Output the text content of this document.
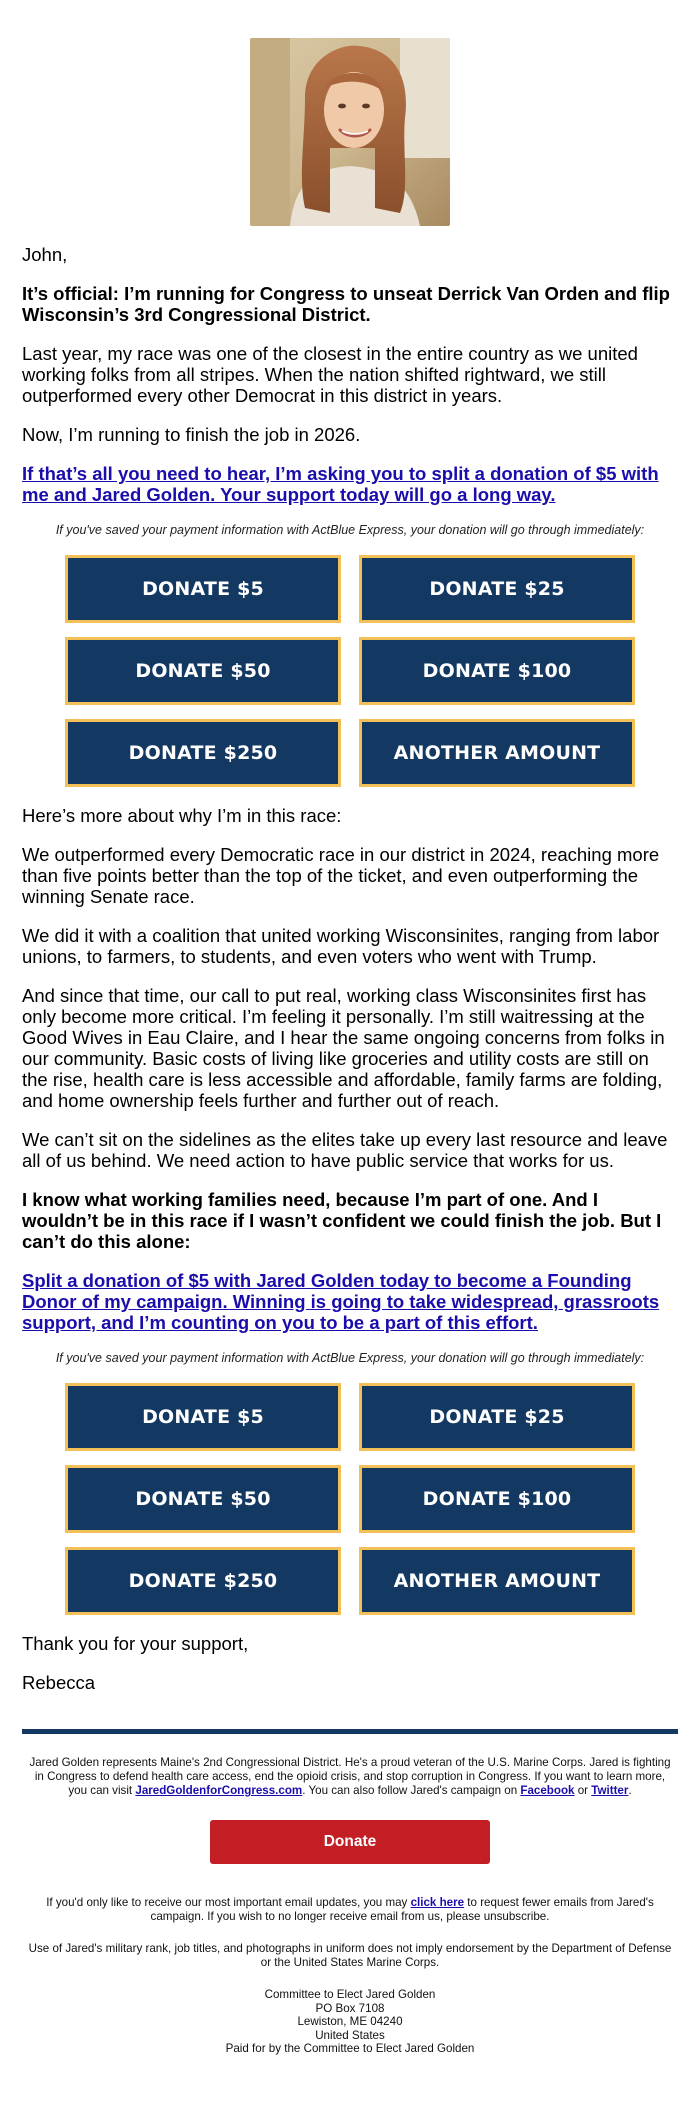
John,

It’s official: I’m running for Congress to unseat Derrick Van Orden and flip Wisconsin’s 3rd Congressional District.

Last year, my race was one of the closest in the entire country as we united working folks from all stripes. When the nation shifted rightward, we still outperformed every other Democrat in this district in years.

Now, I’m running to finish the job in 2026.

If that’s all you need to hear, I’m asking you to split a donation of $5 with me and Jared Golden. Your support today will go a long way.

If you've saved your payment information with ActBlue Express, your donation will go through immediately:

DONATE $5	DONATE $25
DONATE $50	DONATE $100
DONATE $250	ANOTHER AMOUNT

Here’s more about why I’m in this race:

We outperformed every Democratic race in our district in 2024, reaching more than five points better than the top of the ticket, and even outperforming the winning Senate race.

We did it with a coalition that united working Wisconsinites, ranging from labor unions, to farmers, to students, and even voters who went with Trump.

And since that time, our call to put real, working class Wisconsinites first has only become more critical. I’m feeling it personally. I’m still waitressing at the Good Wives in Eau Claire, and I hear the same ongoing concerns from folks in our community. Basic costs of living like groceries and utility costs are still on the rise, health care is less accessible and affordable, family farms are folding, and home ownership feels further and further out of reach.

We can’t sit on the sidelines as the elites take up every last resource and leave all of us behind. We need action to have public service that works for us.

I know what working families need, because I’m part of one. And I wouldn’t be in this race if I wasn’t confident we could finish the job. But I can’t do this alone:

Split a donation of $5 with Jared Golden today to become a Founding Donor of my campaign. Winning is going to take widespread, grassroots support, and I’m counting on you to be a part of this effort.

If you've saved your payment information with ActBlue Express, your donation will go through immediately:

DONATE $5	DONATE $25
DONATE $50	DONATE $100
DONATE $250	ANOTHER AMOUNT

Thank you for your support,

Rebecca

Jared Golden represents Maine's 2nd Congressional District. He's a proud veteran of the U.S. Marine Corps. Jared is fighting in Congress to defend health care access, end the opioid crisis, and stop corruption in Congress. If you want to learn more, you can visit JaredGoldenforCongress.com. You can also follow Jared's campaign on Facebook or Twitter.

Donate

If you'd only like to receive our most important email updates, you may click here to request fewer emails from Jared's campaign. If you wish to no longer receive email from us, please unsubscribe.

Use of Jared's military rank, job titles, and photographs in uniform does not imply endorsement by the Department of Defense or the United States Marine Corps.

Committee to Elect Jared Golden
PO Box 7108
Lewiston, ME 04240
United States
Paid for by the Committee to Elect Jared Golden
